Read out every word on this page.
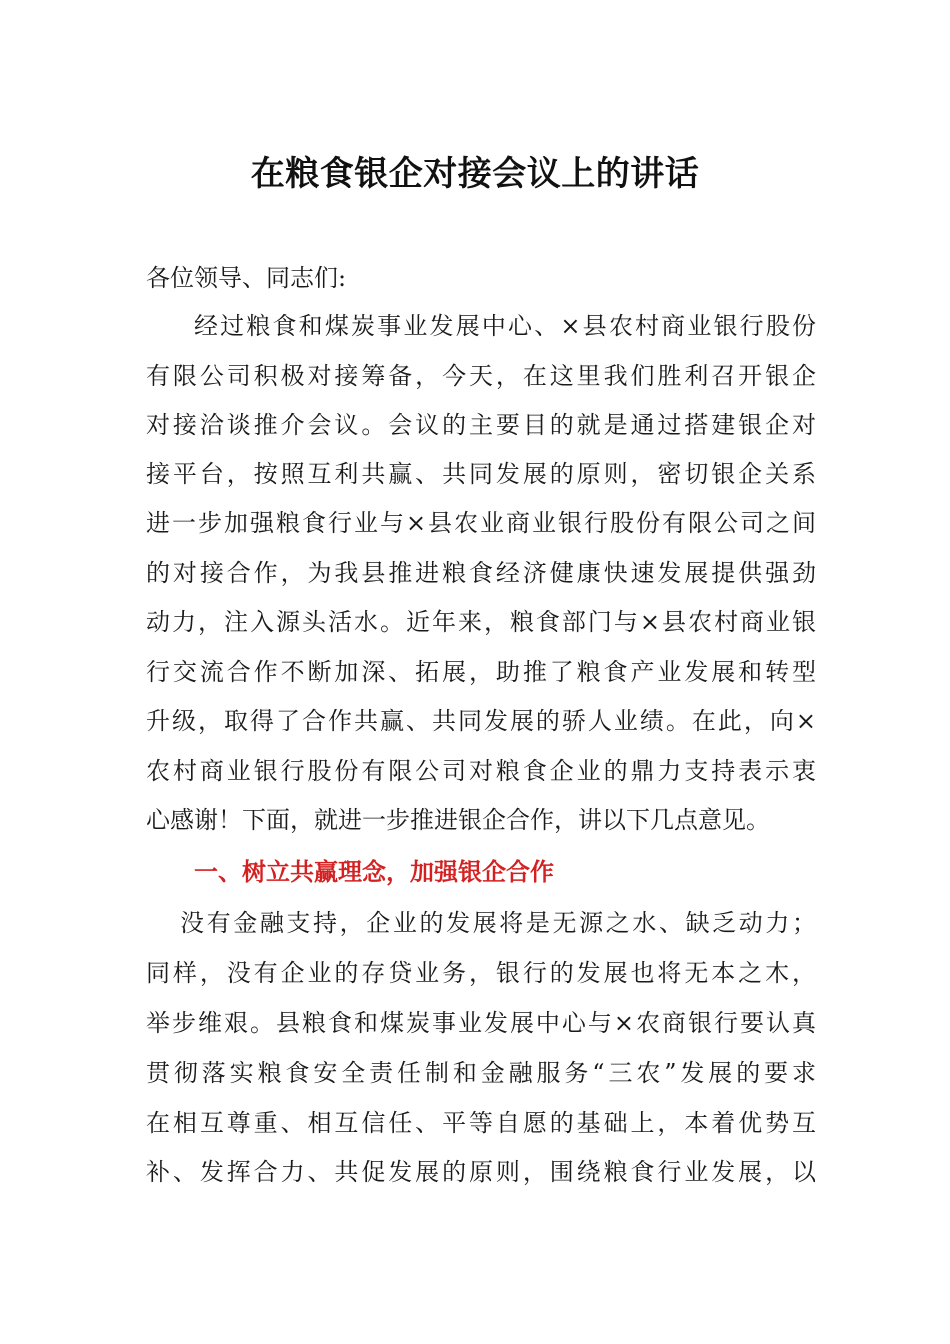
在粮食银企对接会议上的讲话

各位领导、同志们:

经过粮食和煤炭事业发展中心、×县农村商业银行股份

有限公司积极对接筹备，今天，在这里我们胜利召开银企

对接洽谈推介会议。会议的主要目的就是通过搭建银企对

接平台，按照互利共赢、共同发展的原则，密切银企关系

进一步加强粮食行业与×县农业商业银行股份有限公司之间

的对接合作，为我县推进粮食经济健康快速发展提供强劲

动力，注入源头活水。近年来，粮食部门与×县农村商业银

行交流合作不断加深、拓展，助推了粮食产业发展和转型

升级，取得了合作共赢、共同发展的骄人业绩。在此，向×

农村商业银行股份有限公司对粮食企业的鼎力支持表示衷

心感谢！下面，就进一步推进银企合作，讲以下几点意见。

一、树立共赢理念，加强银企合作

没有金融支持，企业的发展将是无源之水、缺乏动力；

同样，没有企业的存贷业务，银行的发展也将无本之木，

举步维艰。县粮食和煤炭事业发展中心与×农商银行要认真

贯彻落实粮食安全责任制和金融服务“三农”发展的要求

在相互尊重、相互信任、平等自愿的基础上，本着优势互

补、发挥合力、共促发展的原则，围绕粮食行业发展，以
